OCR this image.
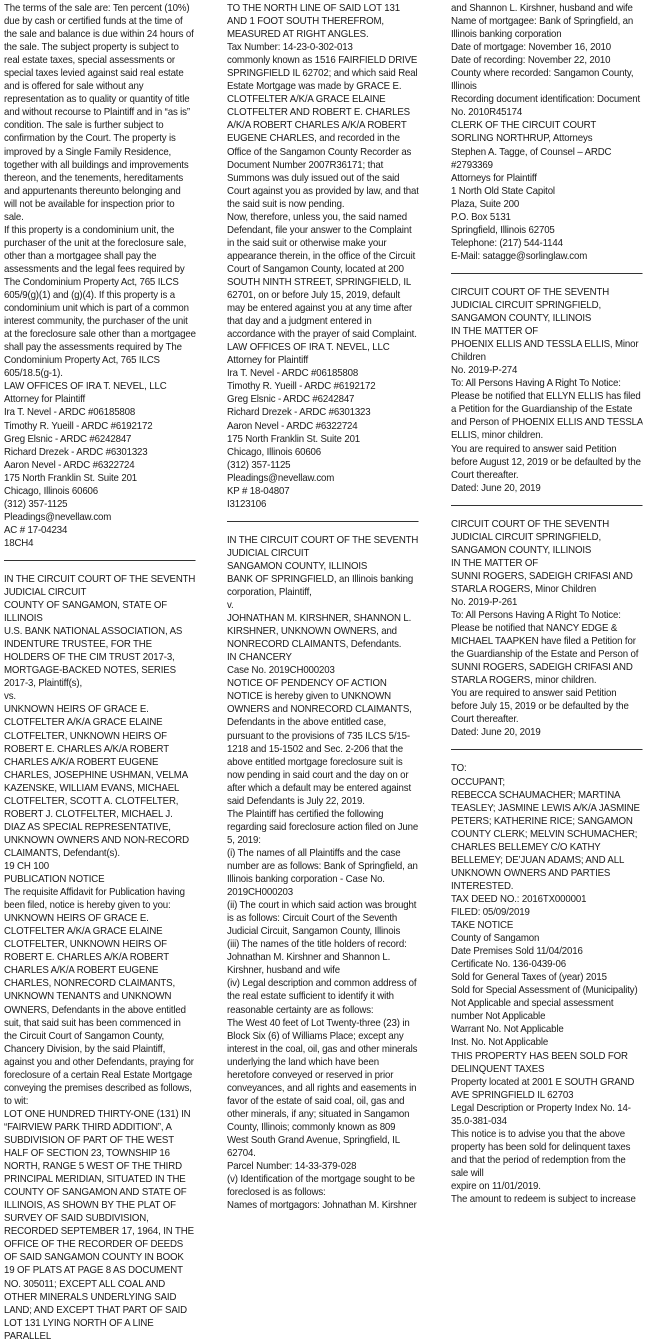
The terms of the sale are: Ten percent (10%) due by cash or certified funds at the time of the sale and balance is due within 24 hours of the sale. The subject property is subject to real estate taxes, special assessments or special taxes levied against said real estate and is offered for sale without any representation as to quality or quantity of title and without recourse to Plaintiff and in “as is” condition. The sale is further subject to confirmation by the Court. The property is improved by a Single Family Residence, together with all buildings and improvements thereon, and the tenements, hereditaments and appurtenants thereunto belonging and will not be available for inspection prior to sale.
If this property is a condominium unit, the purchaser of the unit at the foreclosure sale, other than a mortgagee shall pay the assessments and the legal fees required by The Condominium Property Act, 765 ILCS 605/9(g)(1) and (g)(4). If this property is a condominium unit which is part of a common interest community, the purchaser of the unit at the foreclosure sale other than a mortgagee shall pay the assessments required by The Condominium Property Act, 765 ILCS 605/18.5(g-1).
LAW OFFICES OF IRA T. NEVEL, LLC
Attorney for Plaintiff
Ira T. Nevel - ARDC #06185808
Timothy R. Yueill - ARDC #6192172
Greg Elsnic - ARDC #6242847
Richard Drezek - ARDC #6301323
Aaron Nevel - ARDC #6322724
175 North Franklin St. Suite 201
Chicago, Illinois 60606
(312) 357-1125
Pleadings@nevellaw.com
AC # 17-04234
18CH4
IN THE CIRCUIT COURT OF THE SEVENTH JUDICIAL CIRCUIT
COUNTY OF SANGAMON, STATE OF ILLINOIS
U.S. BANK NATIONAL ASSOCIATION, AS INDENTURE TRUSTEE, FOR THE HOLDERS OF THE CIM TRUST 2017-3, MORTGAGE-BACKED NOTES, SERIES 2017-3, Plaintiff(s),
vs.
UNKNOWN HEIRS OF GRACE E. CLOTFELTER A/K/A GRACE ELAINE CLOTFELTER, UNKNOWN HEIRS OF ROBERT E. CHARLES A/K/A ROBERT CHARLES A/K/A ROBERT EUGENE CHARLES, JOSEPHINE USHMAN, VELMA KAZENSKE, WILLIAM EVANS, MICHAEL CLOTFELTER, SCOTT A. CLOTFELTER, ROBERT J. CLOTFELTER, MICHAEL J. DIAZ AS SPECIAL REPRESENTATIVE, UNKNOWN OWNERS AND NON-RECORD CLAIMANTS, Defendant(s).
19 CH 100
PUBLICATION NOTICE
The requisite Affidavit for Publication having been filed, notice is hereby given to you: UNKNOWN HEIRS OF GRACE E. CLOTFELTER A/K/A GRACE ELAINE CLOTFELTER, UNKNOWN HEIRS OF ROBERT E. CHARLES A/K/A ROBERT CHARLES A/K/A ROBERT EUGENE CHARLES, NONRECORD CLAIMANTS, UNKNOWN TENANTS and UNKNOWN OWNERS, Defendants in the above entitled suit, that said suit has been commenced in the Circuit Court of Sangamon County, Chancery Division, by the said Plaintiff, against you and other Defendants, praying for foreclosure of a certain Real Estate Mortgage conveying the premises described as follows, to wit:
LOT ONE HUNDRED THIRTY-ONE (131) IN “FAIRVIEW PARK THIRD ADDITION”, A SUBDIVISION OF PART OF THE WEST HALF OF SECTION 23, TOWNSHIP 16 NORTH, RANGE 5 WEST OF THE THIRD PRINCIPAL MERIDIAN, SITUATED IN THE COUNTY OF SANGAMON AND STATE OF ILLINOIS, AS SHOWN BY THE PLAT OF SURVEY OF SAID SUBDIVISION, RECORDED SEPTEMBER 17, 1964, IN THE OFFICE OF THE RECORDER OF DEEDS OF SAID SANGAMON COUNTY IN BOOK 19 OF PLATS AT PAGE 8 AS DOCUMENT NO. 305011; EXCEPT ALL COAL AND OTHER MINERALS UNDERLYING SAID LAND; AND EXCEPT THAT PART OF SAID LOT 131 LYING NORTH OF A LINE PARALLEL
TO THE NORTH LINE OF SAID LOT 131 AND 1 FOOT SOUTH THEREFROM, MEASURED AT RIGHT ANGLES.
Tax Number: 14-23-0-302-013
commonly known as 1516 FAIRFIELD DRIVE SPRINGFIELD IL 62702; and which said Real Estate Mortgage was made by GRACE E. CLOTFELTER A/K/A GRACE ELAINE CLOTFELTER AND ROBERT E. CHARLES A/K/A ROBERT CHARLES A/K/A ROBERT EUGENE CHARLES, and recorded in the Office of the Sangamon County Recorder as Document Number 2007R36171; that Summons was duly issued out of the said Court against you as provided by law, and that the said suit is now pending.
Now, therefore, unless you, the said named Defendant, file your answer to the Complaint in the said suit or otherwise make your appearance therein, in the office of the Circuit Court of Sangamon County, located at 200 SOUTH NINTH STREET, SPRINGFIELD, IL 62701, on or before July 15, 2019, default may be entered against you at any time after that day and a judgment entered in accordance with the prayer of said Complaint.
LAW OFFICES OF IRA T. NEVEL, LLC
Attorney for Plaintiff
Ira T. Nevel - ARDC #06185808
Timothy R. Yueill - ARDC #6192172
Greg Elsnic - ARDC #6242847
Richard Drezek - ARDC #6301323
Aaron Nevel - ARDC #6322724
175 North Franklin St. Suite 201
Chicago, Illinois 60606
(312) 357-1125
Pleadings@nevellaw.com
KP # 18-04807
I3123106
IN THE CIRCUIT COURT OF THE SEVENTH JUDICIAL CIRCUIT
SANGAMON COUNTY, ILLINOIS
BANK OF SPRINGFIELD, an Illinois banking corporation, Plaintiff,
v.
JOHNATHAN M. KIRSHNER, SHANNON L. KIRSHNER, UNKNOWN OWNERS, and NONRECORD CLAIMANTS, Defendants.
IN CHANCERY
Case No. 2019CH000203
NOTICE OF PENDENCY OF ACTION
NOTICE is hereby given to UNKNOWN OWNERS and NONRECORD CLAIMANTS, Defendants in the above entitled case, pursuant to the provisions of 735 ILCS 5/15-1218 and 15-1502 and Sec. 2-206 that the above entitled mortgage foreclosure suit is now pending in said court and the day on or after which a default may be entered against said Defendants is July 22, 2019.
The Plaintiff has certified the following regarding said foreclosure action filed on June 5, 2019:
(i) The names of all Plaintiffs and the case number are as follows: Bank of Springfield, an Illinois banking corporation - Case No. 2019CH000203
(ii) The court in which said action was brought is as follows: Circuit Court of the Seventh Judicial Circuit, Sangamon County, Illinois
(iii) The names of the title holders of record: Johnathan M. Kirshner and Shannon L. Kirshner, husband and wife
(iv) Legal description and common address of the real estate sufficient to identify it with reasonable certainty are as follows:
The West 40 feet of Lot Twenty-three (23) in Block Six (6) of Williams Place; except any interest in the coal, oil, gas and other minerals underlying the land which have been heretofore conveyed or reserved in prior conveyances, and all rights and easements in favor of the estate of said coal, oil, gas and other minerals, if any; situated in Sangamon County, Illinois; commonly known as 809 West South Grand Avenue, Springfield, IL 62704.
Parcel Number: 14-33-379-028
(v) Identification of the mortgage sought to be foreclosed is as follows:
Names of mortgagors: Johnathan M. Kirshner
and Shannon L. Kirshner, husband and wife
Name of mortgagee: Bank of Springfield, an Illinois banking corporation
Date of mortgage: November 16, 2010
Date of recording: November 22, 2010
County where recorded: Sangamon County, Illinois
Recording document identification: Document No. 2010R45174
CLERK OF THE CIRCUIT COURT
SORLING NORTHRUP, Attorneys
Stephen A. Tagge, of Counsel – ARDC #2793369
Attorneys for Plaintiff
1 North Old State Capitol
Plaza, Suite 200
P.O. Box 5131
Springfield, Illinois 62705
Telephone: (217) 544-1144
E-Mail: satagge@sorlinglaw.com
CIRCUIT COURT OF THE SEVENTH JUDICIAL CIRCUIT SPRINGFIELD, SANGAMON COUNTY, ILLINOIS
IN THE MATTER OF
PHOENIX ELLIS AND TESSLA ELLIS, Minor Children
No. 2019-P-274
To: All Persons Having A Right To Notice:
Please be notified that ELLYN ELLIS has filed a Petition for the Guardianship of the Estate and Person of PHOENIX ELLIS AND TESSLA ELLIS, minor children.
You are required to answer said Petition before August 12, 2019 or be defaulted by the Court thereafter.
Dated: June 20, 2019
CIRCUIT COURT OF THE SEVENTH JUDICIAL CIRCUIT SPRINGFIELD, SANGAMON COUNTY, ILLINOIS
IN THE MATTER OF
SUNNI ROGERS, SADEIGH CRIFASI AND STARLA ROGERS, Minor Children
No. 2019-P-261
To: All Persons Having A Right To Notice:
Please be notified that NANCY EDGE & MICHAEL TAAPKEN have filed a Petition for the Guardianship of the Estate and Person of SUNNI ROGERS, SADEIGH CRIFASI AND STARLA ROGERS, minor children.
You are required to answer said Petition before July 15, 2019 or be defaulted by the Court thereafter.
Dated: June 20, 2019
TO:
OCCUPANT;
REBECCA SCHAUMACHER; MARTINA TEASLEY; JASMINE LEWIS A/K/A JASMINE PETERS; KATHERINE RICE; SANGAMON COUNTY CLERK; MELVIN SCHUMACHER; CHARLES BELLEMEY C/O KATHY BELLEMEY; DE’JUAN ADAMS; AND ALL UNKNOWN OWNERS AND PARTIES INTERESTED.
TAX DEED NO.: 2016TX000001
FILED: 05/09/2019
TAKE NOTICE
County of Sangamon
Date Premises Sold 11/04/2016
Certificate No. 136-0439-06
Sold for General Taxes of (year) 2015
Sold for Special Assessment of (Municipality) Not Applicable and special assessment number Not Applicable
Warrant No. Not Applicable
Inst. No. Not Applicable
THIS PROPERTY HAS BEEN SOLD FOR DELINQUENT TAXES
Property located at 2001 E SOUTH GRAND AVE SPRINGFIELD IL 62703
Legal Description or Property Index No. 14-35.0-381-034
This notice is to advise you that the above property has been sold for delinquent taxes and that the period of redemption from the sale will
expire on 11/01/2019.
The amount to redeem is subject to increase
